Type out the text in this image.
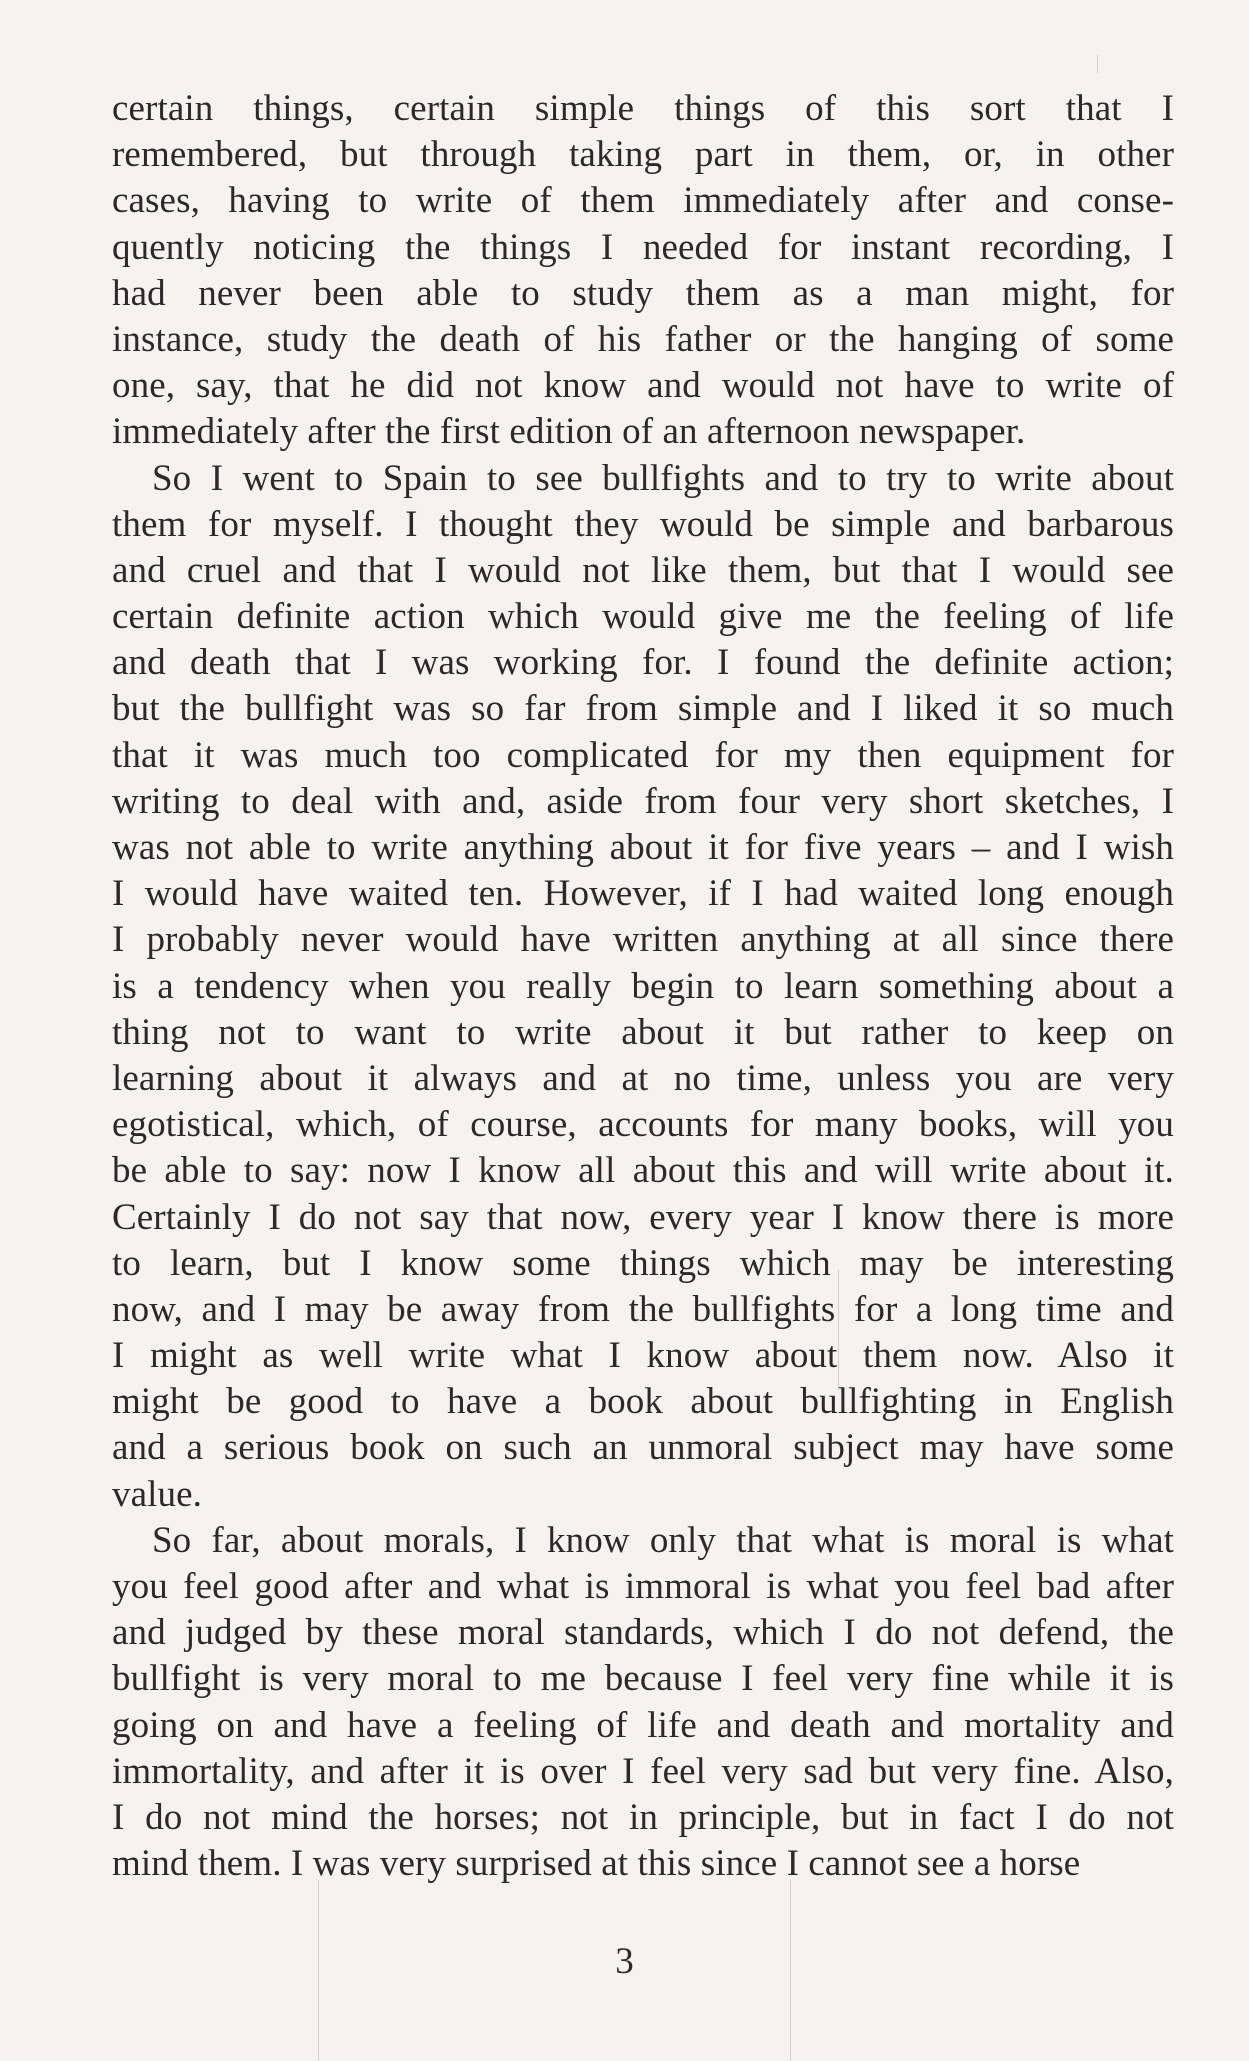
certain things, certain simple things of this sort that I
remembered, but through taking part in them, or, in other
cases, having to write of them immediately after and conse-
quently noticing the things I needed for instant recording, I
had never been able to study them as a man might, for
instance, study the death of his father or the hanging of some
one, say, that he did not know and would not have to write of
immediately after the first edition of an afternoon newspaper.
So I went to Spain to see bullfights and to try to write about
them for myself. I thought they would be simple and barbarous
and cruel and that I would not like them, but that I would see
certain definite action which would give me the feeling of life
and death that I was working for. I found the definite action;
but the bullfight was so far from simple and I liked it so much
that it was much too complicated for my then equipment for
writing to deal with and, aside from four very short sketches, I
was not able to write anything about it for five years – and I wish
I would have waited ten. However, if I had waited long enough
I probably never would have written anything at all since there
is a tendency when you really begin to learn something about a
thing not to want to write about it but rather to keep on
learning about it always and at no time, unless you are very
egotistical, which, of course, accounts for many books, will you
be able to say: now I know all about this and will write about it.
Certainly I do not say that now, every year I know there is more
to learn, but I know some things which may be interesting
now, and I may be away from the bullfights for a long time and
I might as well write what I know about them now. Also it
might be good to have a book about bullfighting in English
and a serious book on such an unmoral subject may have some
value.
So far, about morals, I know only that what is moral is what
you feel good after and what is immoral is what you feel bad after
and judged by these moral standards, which I do not defend, the
bullfight is very moral to me because I feel very fine while it is
going on and have a feeling of life and death and mortality and
immortality, and after it is over I feel very sad but very fine. Also,
I do not mind the horses; not in principle, but in fact I do not
mind them. I was very surprised at this since I cannot see a horse
3
